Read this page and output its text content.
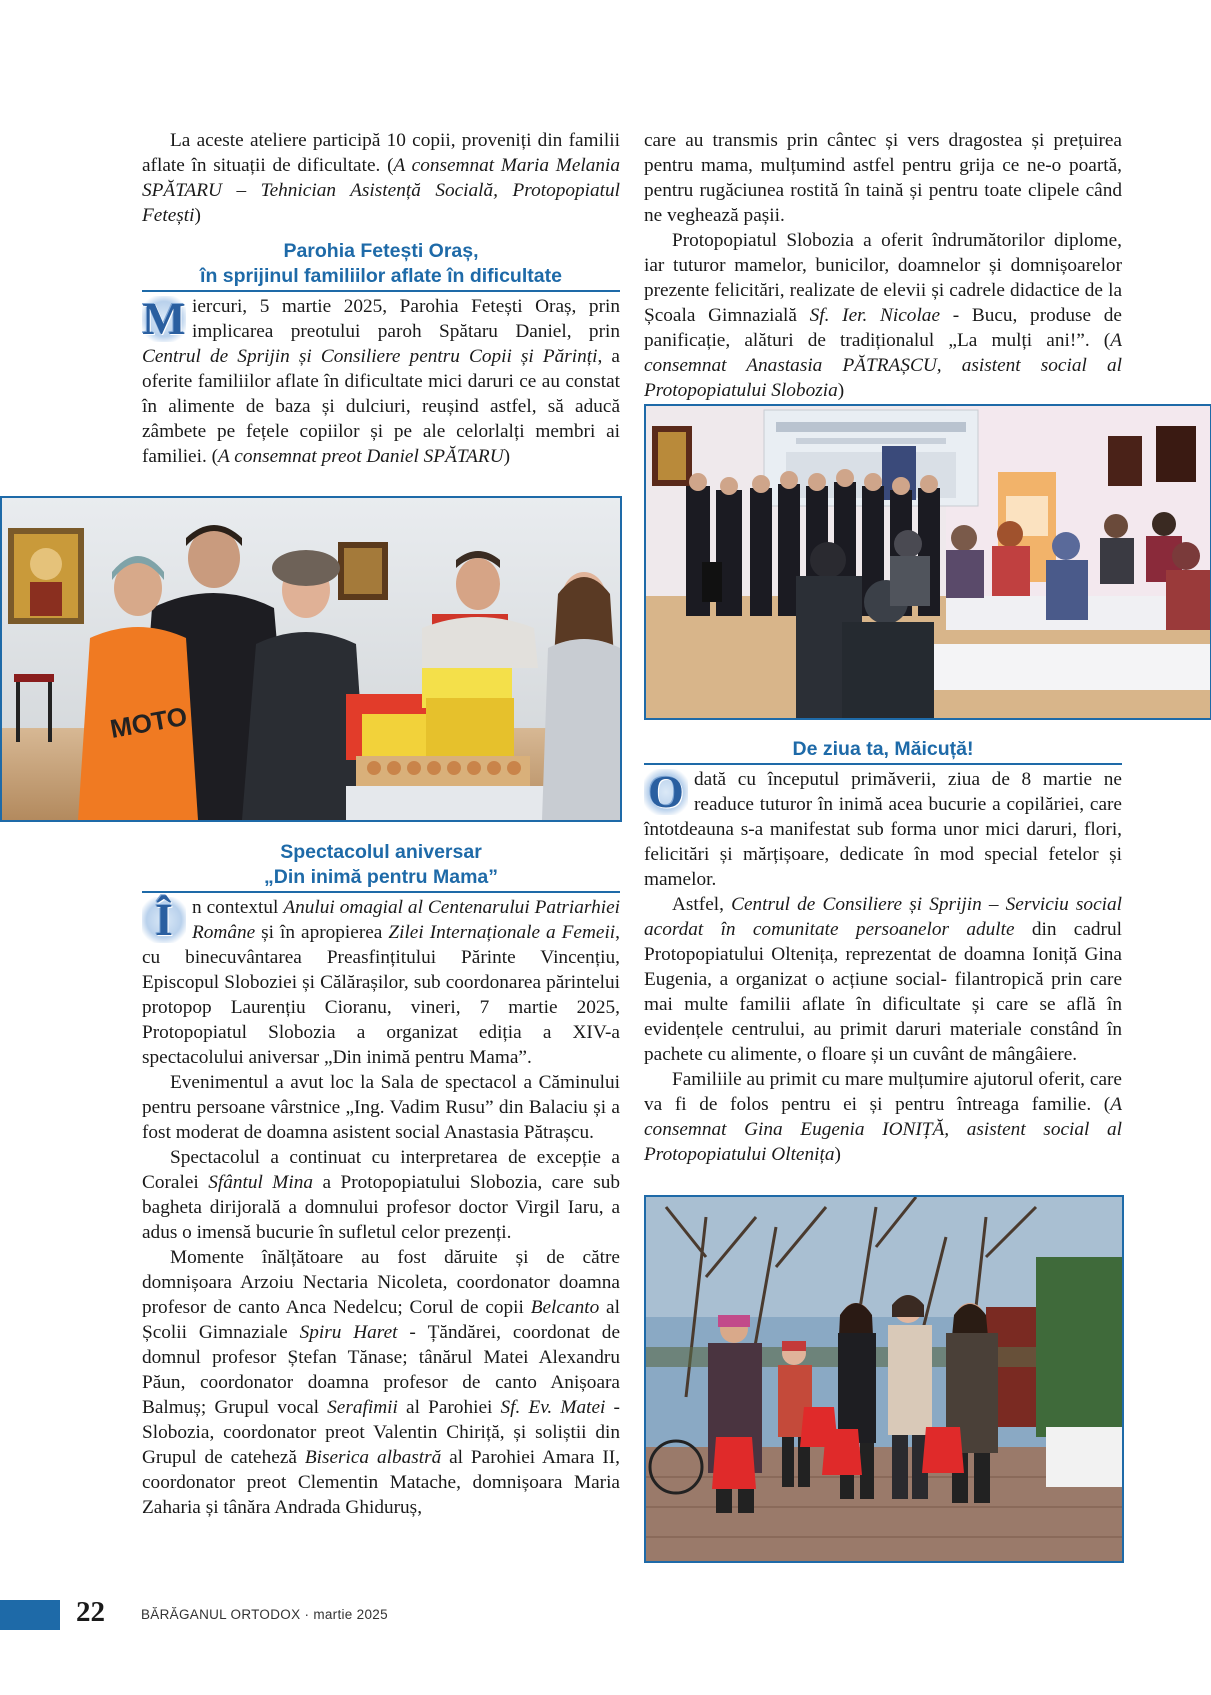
La aceste ateliere participă 10 copii, proveniți din familii aflate în situații de dificultate. (A consemnat Maria Melania SPĂTARU – Tehnician Asistență Socială, Protopopiatul Fetești)

Parohia Fetești Oraș,
în sprijinul familiilor aflate în dificultate

M iercuri, 5 martie 2025, Parohia Fetești Oraș, prin implicarea preotului paroh Spătaru Daniel, prin Centrul de Sprijin și Consiliere pentru Copii și Părinți, a oferite familiilor aflate în dificultate mici daruri ce au constat în alimente de baza și dulciuri, reușind astfel, să aducă zâmbete pe fețele copiilor și pe ale celorlalți membri ai familiei. (A consemnat preot Daniel SPĂTARU)

MOTO

Spectacolul aniversar
„Din inimă pentru Mama”

Î n contextul Anului omagial al Centenarului Patriarhiei Române și în apropierea Zilei Internaționale a Femeii, cu binecuvântarea Preasfințitului Părinte Vincențiu, Episcopul Sloboziei și Călărașilor, sub coordonarea părintelui protopop Laurențiu Cioranu, vineri, 7 martie 2025, Protopopiatul Slobozia a organizat ediția a XIV-a spectacolului aniversar „Din inimă pentru Mama”.

Evenimentul a avut loc la Sala de spectacol a Căminului pentru persoane vârstnice „Ing. Vadim Rusu” din Balaciu și a fost moderat de doamna asistent social Anastasia Pătrașcu.

Spectacolul a continuat cu interpretarea de excepție a Coralei Sfântul Mina a Protopopiatului Slobozia, care sub bagheta dirijorală a domnului profesor doctor Virgil Iaru, a adus o imensă bucurie în sufletul celor prezenți.

Momente înălțătoare au fost dăruite și de către domnișoara Arzoiu Nectaria Nicoleta, coordonator doamna profesor de canto Anca Nedelcu; Corul de copii Belcanto al Școlii Gimnaziale Spiru Haret - Țăndărei, coordonat de domnul profesor Ștefan Tănase; tânărul Matei Alexandru Păun, coordonator doamna profesor de canto Anișoara Balmuș; Grupul vocal Serafimii al Parohiei Sf. Ev. Matei - Slobozia, coordonator preot Valentin Chiriță, și soliștii din Grupul de cateheză Biserica albastră al Parohiei Amara II, coordonator preot Clementin Matache, domnișoara Maria Zaharia și tânăra Andrada Ghiduruș,

care au transmis prin cântec și vers dragostea și prețuirea pentru mama, mulțumind astfel pentru grija ce ne-o poartă, pentru rugăciunea rostită în taină și pentru toate clipele când ne veghează pașii.

Protopopiatul Slobozia a oferit îndrumătorilor diplome, iar tuturor mamelor, bunicilor, doamnelor și domnișoarelor prezente felicitări, realizate de elevii și cadrele didactice de la Școala Gimnazială Sf. Ier. Nicolae - Bucu, produse de panificație, alături de tradiționalul „La mulți ani!”. (A consemnat Anastasia PĂTRAȘCU, asistent social al Protopopiatului Slobozia)

De ziua ta, Măicuță!

O dată cu începutul primăverii, ziua de 8 martie ne readuce tuturor în inimă acea bucurie a copilăriei, care întotdeauna s-a manifestat sub forma unor mici daruri, flori, felicitări și mărțișoare, dedicate în mod special fetelor și mamelor.

Astfel, Centrul de Consiliere și Sprijin – Serviciu social acordat în comunitate persoanelor adulte din cadrul Protopopiatului Oltenița, reprezentat de doamna Ioniță Gina Eugenia, a organizat o acțiune social- filantropică prin care mai multe familii aflate în dificultate și care se află în evidențele centrului, au primit daruri materiale constând în pachete cu alimente, o floare și un cuvânt de mângâiere.

Familiile au primit cu mare mulțumire ajutorul oferit, care va fi de folos pentru ei și pentru întreaga familie. (A consemnat Gina Eugenia IONIȚĂ, asistent social al Protopopiatului Oltenița)

22	BĂRĂGANUL ORTODOX · martie 2025
